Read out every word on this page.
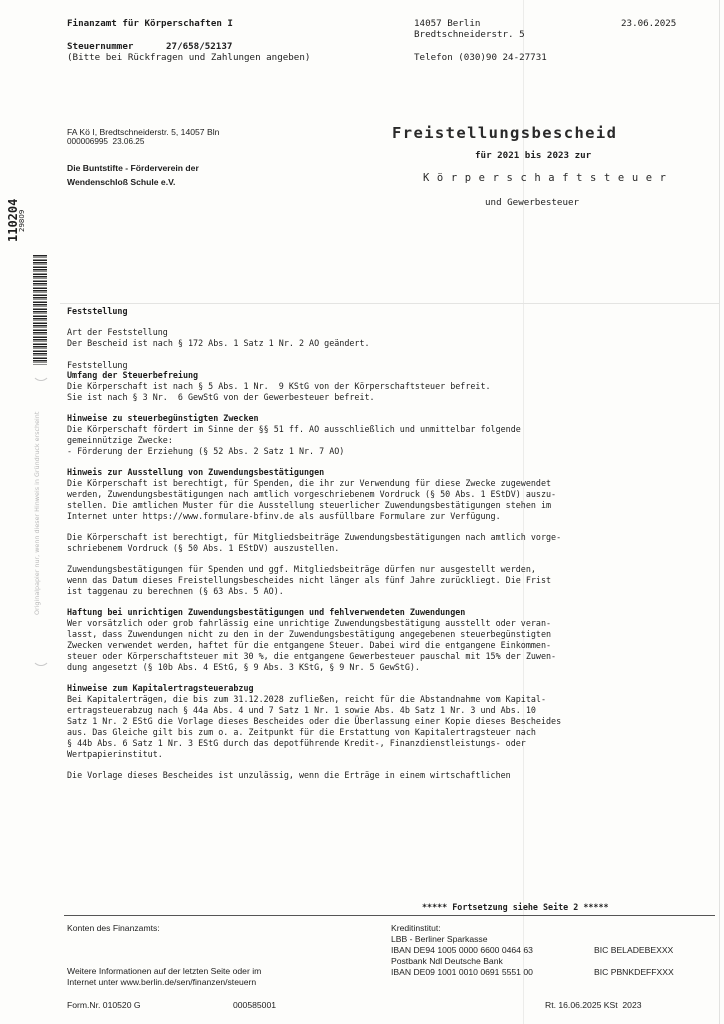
Finanzamt für Körperschaften I
Steuernummer	27/658/52137
(Bitte bei Rückfragen und Zahlungen angeben)
14057 Berlin
Bredtschneiderstr. 5
Telefon (030)90 24-27731
23.06.2025
FA Kö I, Bredtschneiderstr. 5, 14057 Bln
000006995  23.06.25
Die Buntstifte - Förderverein der
Wendenschloß Schule e.V.
Freistellungsbescheid
für 2021 bis 2023 zur
Körperschaftsteuer
und Gewerbesteuer
110204
29809
Originalpapier nur, wenn dieser Hinweis in Gründruck erscheint
Feststellung
Art der Feststellung
Der Bescheid ist nach § 172 Abs. 1 Satz 1 Nr. 2 AO geändert.
Feststellung
Umfang der Steuerbefreiung
Die Körperschaft ist nach § 5 Abs. 1 Nr.  9 KStG von der Körperschaftsteuer befreit.
Sie ist nach § 3 Nr.  6 GewStG von der Gewerbesteuer befreit.
Hinweise zu steuerbegünstigten Zwecken
Die Körperschaft fördert im Sinne der §§ 51 ff. AO ausschließlich und unmittelbar folgende
gemeinnützige Zwecke:
- Förderung der Erziehung (§ 52 Abs. 2 Satz 1 Nr. 7 AO)
Hinweis zur Ausstellung von Zuwendungsbestätigungen
Die Körperschaft ist berechtigt, für Spenden, die ihr zur Verwendung für diese Zwecke zugewendet
werden, Zuwendungsbestätigungen nach amtlich vorgeschriebenem Vordruck (§ 50 Abs. 1 EStDV) auszu-
stellen. Die amtlichen Muster für die Ausstellung steuerlicher Zuwendungsbestätigungen stehen im
Internet unter https://www.formulare-bfinv.de als ausfüllbare Formulare zur Verfügung.
Die Körperschaft ist berechtigt, für Mitgliedsbeiträge Zuwendungsbestätigungen nach amtlich vorge-
schriebenem Vordruck (§ 50 Abs. 1 EStDV) auszustellen.
Zuwendungsbestätigungen für Spenden und ggf. Mitgliedsbeiträge dürfen nur ausgestellt werden,
wenn das Datum dieses Freistellungsbescheides nicht länger als fünf Jahre zurückliegt. Die Frist
ist taggenau zu berechnen (§ 63 Abs. 5 AO).
Haftung bei unrichtigen Zuwendungsbestätigungen und fehlverwendeten Zuwendungen
Wer vorsätzlich oder grob fahrlässig eine unrichtige Zuwendungsbestätigung ausstellt oder veran-
lasst, dass Zuwendungen nicht zu den in der Zuwendungsbestätigung angegebenen steuerbegünstigten
Zwecken verwendet werden, haftet für die entgangene Steuer. Dabei wird die entgangene Einkommen-
steuer oder Körperschaftsteuer mit 30 %, die entgangene Gewerbesteuer pauschal mit 15% der Zuwen-
dung angesetzt (§ 10b Abs. 4 EStG, § 9 Abs. 3 KStG, § 9 Nr. 5 GewStG).
Hinweise zum Kapitalertragsteuerabzug
Bei Kapitalerträgen, die bis zum 31.12.2028 zufließen, reicht für die Abstandnahme vom Kapital-
ertragsteuerabzug nach § 44a Abs. 4 und 7 Satz 1 Nr. 1 sowie Abs. 4b Satz 1 Nr. 3 und Abs. 10
Satz 1 Nr. 2 EStG die Vorlage dieses Bescheides oder die Überlassung einer Kopie dieses Bescheides
aus. Das Gleiche gilt bis zum o. a. Zeitpunkt für die Erstattung von Kapitalertragsteuer nach
§ 44b Abs. 6 Satz 1 Nr. 3 EStG durch das depotführende Kredit-, Finanzdienstleistungs- oder
Wertpapierinstitut.
Die Vorlage dieses Bescheides ist unzulässig, wenn die Erträge in einem wirtschaftlichen
***** Fortsetzung siehe Seite 2 *****
Konten des Finanzamts:
Weitere Informationen auf der letzten Seite oder im
Internet unter www.berlin.de/sen/finanzen/steuern
Kreditinstitut:
LBB - Berliner Sparkasse
IBAN DE94 1005 0000 6600 0464 63	BIC BELADEBEXXX
Postbank Ndl Deutsche Bank
IBAN DE09 1001 0010 0691 5551 00	BIC PBNKDEFFXXX
Form.Nr. 010520 G	000585001	Rt. 16.06.2025 KSt  2023
